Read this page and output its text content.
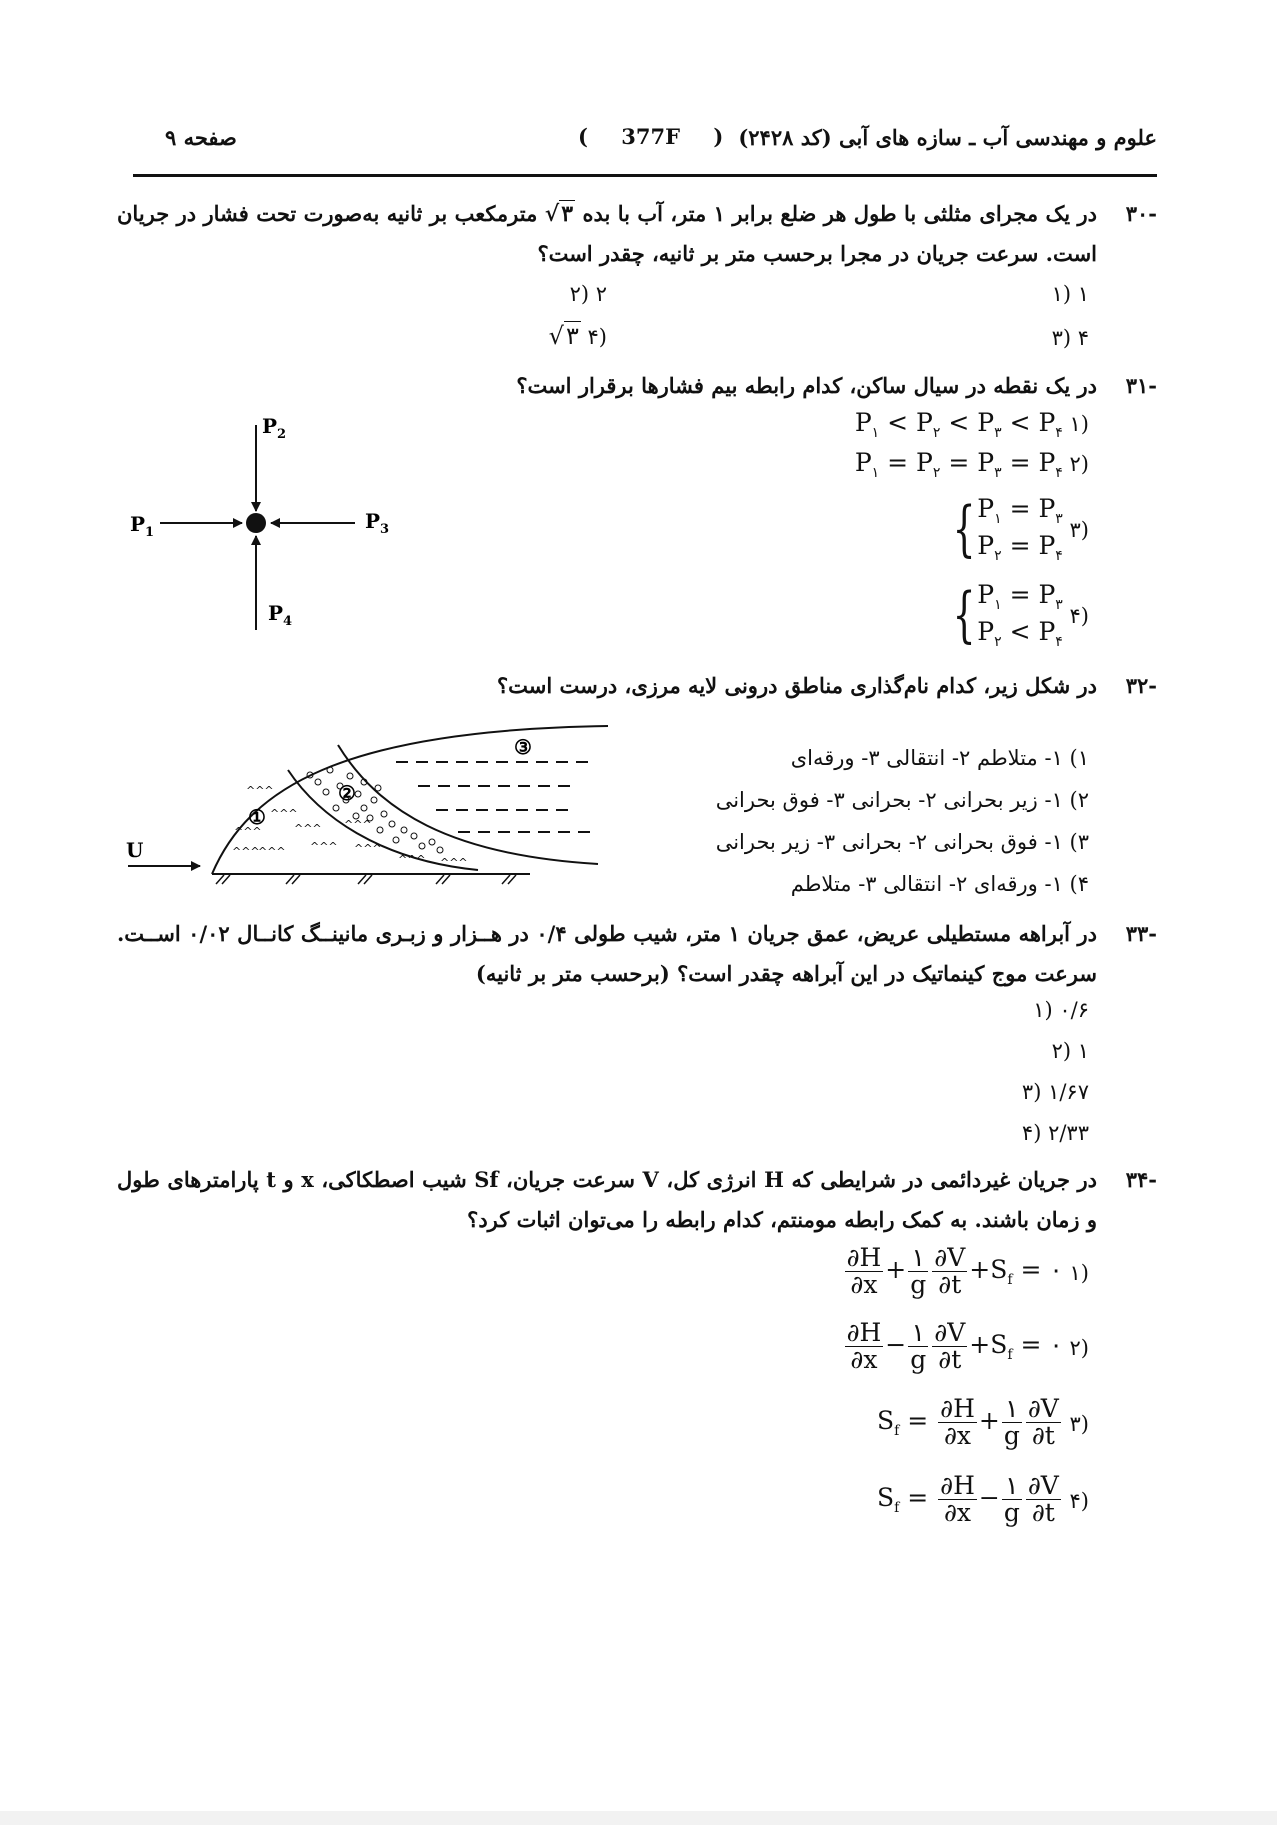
علوم و مهندسی آب ـ سازه های آبی (کد ۲۴۲۸)
( 377F )
صفحه ۹
-۳۰
در یک مجرای مثلثی با طول هر ضلع برابر ۱ متر، آب با بده √۳ مترمکعب بر ثانیه به‌صورت تحت فشار در جریان است. سرعت جریان در مجرا برحسب متر بر ثانیه، چقدر است؟
۱ (۱
۲ (۲
۴ (۳
(۴ √۳
-۳۱
در یک نقطه در سیال ساکن، کدام رابطه بیم فشارها برقرار است؟
$P_2$
$P_1$	$P_3$
$P_4$
(۱ $P_۱ < P_۲ < P_۳ < P_۴$
(۲ $P_۱ = P_۲ = P_۳ = P_۴$
(۳ { $P_۱ = P_۳$
$P_۲ = P_۴$
(۴ { $P_۱ = P_۳$
$P_۲ < P_۴$
-۳۲
در شکل زیر، کدام نام‌گذاری مناطق درونی لایه مرزی، درست است؟
U
^^^
^^^
^^^
^^^
^^^
^^^
^^^
^^^
^^^
^^^ ^^^
①
②
③	۱) ۱- متلاطم ۲- انتقالی ۳- ورقه‌ای
۲) ۱- زیر بحرانی ۲- بحرانی ۳- فوق بحرانی
۳) ۱- فوق بحرانی ۲- بحرانی ۳- زیر بحرانی
۴) ۱- ورقه‌ای ۲- انتقالی ۳- متلاطم
-۳۳
در آبراهه مستطیلی عریض، عمق جریان ۱ متر، شیب طولی ۰/۴ در هــزار و زبـری مانینــگ کانــال ۰/۰۲ اســت. سرعت موج کینماتیک در این آبراهه چقدر است؟ (برحسب متر بر ثانیه)
۰/۶ (۱
۱ (۲
۱/۶۷ (۳
۲/۳۳ (۴
-۳۴
در جریان غیردائمی در شرایطی که H انرژی کل، V سرعت جریان، Sf شیب اصطکاکی، x و t پارامترهای طول و زمان باشند. به کمک رابطه مومنتم، کدام رابطه را می‌توان اثبات کرد؟
(۱
$\frac{\partial H}{\partial x} + \frac{۱}{g} \frac{\partial V}{\partial t} +S_f$ = ۰
(۲
$\frac{\partial H}{\partial x} - \frac{۱}{g} \frac{\partial V}{\partial t} +S_f$ = ۰
(۳ $S_f = \frac{\partial H}{\partial x} + \frac{۱}{g} \frac{\partial V}{\partial t}$
(۴ $S_f = \frac{\partial H}{\partial x} - \frac{۱}{g} \frac{\partial V}{\partial t}$
